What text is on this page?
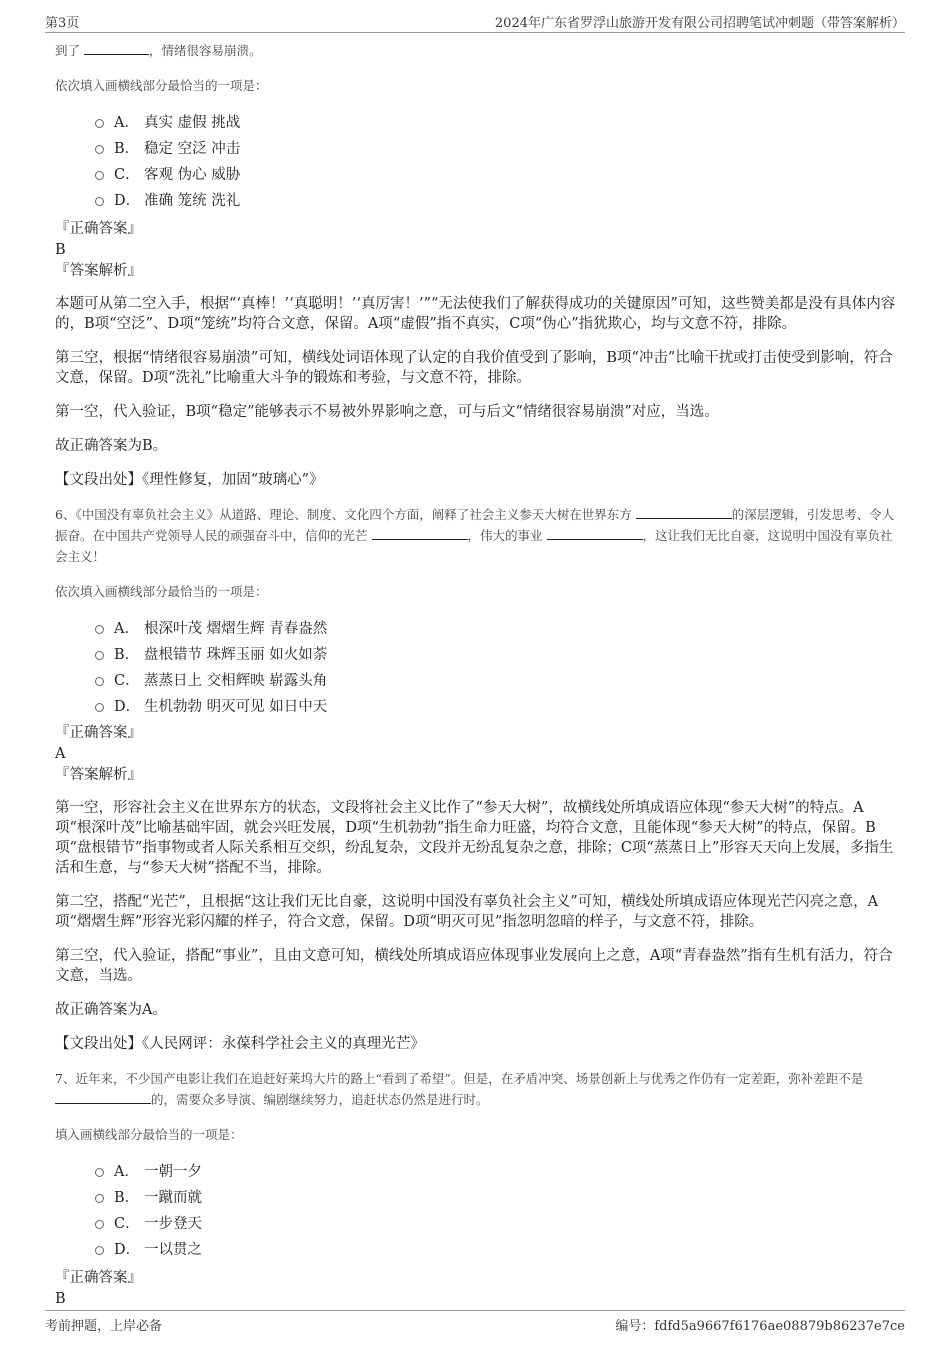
第3页	2024年广东省罗浮山旅游开发有限公司招聘笔试冲刺题（带答案解析）
到了	，情绪很容易崩溃。
依次填入画横线部分最恰当的一项是：
A． 真实 虚假 挑战
B． 稳定 空泛 冲击
C． 客观 伪心 威胁
D． 准确 笼统 洗礼
『正确答案』
B
『答案解析』
本题可从第二空入手，根据“‘真棒！’‘真聪明！’‘真厉害！’”“无法使我们了解获得成功的关键原因”可知，这些赞美都是没有具体内容的，B项“空泛”、D项“笼统”均符合文意，保留。A项“虚假”指不真实，C项“伪心”指犹欺心，均与文意不符，排除。
第三空，根据“情绪很容易崩溃”可知，横线处词语体现了认定的自我价值受到了影响，B项“冲击”比喻干扰或打击使受到影响，符合文意，保留。D项“洗礼”比喻重大斗争的锻炼和考验，与文意不符，排除。
第一空，代入验证，B项“稳定”能够表示不易被外界影响之意，可与后文“情绪很容易崩溃”对应，当选。
故正确答案为B。
【文段出处】《理性修复，加固“玻璃心”》
6、《中国没有辜负社会主义》从道路、理论、制度、文化四个方面，阐释了社会主义参天大树在世界东方	的深层逻辑，引发思考、令人振奋。在中国共产党领导人民的顽强奋斗中，信仰的光芒	，伟大的事业	，这让我们无比自豪，这说明中国没有辜负社会主义！
依次填入画横线部分最恰当的一项是：
A． 根深叶茂 熠熠生辉 青春盎然
B． 盘根错节 珠辉玉丽 如火如荼
C． 蒸蒸日上 交相辉映 崭露头角
D． 生机勃勃 明灭可见 如日中天
『正确答案』
A
『答案解析』
第一空，形容社会主义在世界东方的状态，文段将社会主义比作了“参天大树”，故横线处所填成语应体现“参天大树”的特点。A项“根深叶茂”比喻基础牢固，就会兴旺发展，D项“生机勃勃”指生命力旺盛，均符合文意，且能体现“参天大树”的特点，保留。B项“盘根错节”指事物或者人际关系相互交织，纷乱复杂，文段并无纷乱复杂之意，排除；C项“蒸蒸日上”形容天天向上发展，多指生活和生意，与“参天大树”搭配不当，排除。
第二空，搭配“光芒”，且根据“这让我们无比自豪，这说明中国没有辜负社会主义”可知，横线处所填成语应体现光芒闪亮之意，A项“熠熠生辉”形容光彩闪耀的样子，符合文意，保留。D项“明灭可见”指忽明忽暗的样子，与文意不符，排除。
第三空，代入验证，搭配“事业”，且由文意可知，横线处所填成语应体现事业发展向上之意，A项“青春盎然”指有生机有活力，符合文意，当选。
故正确答案为A。
【文段出处】《人民网评：永葆科学社会主义的真理光芒》
7、近年来，不少国产电影让我们在追赶好莱坞大片的路上“看到了希望”。但是，在矛盾冲突、场景创新上与优秀之作仍有一定差距，弥补差距不是 的，需要众多导演、编剧继续努力，追赶状态仍然是进行时。
填入画横线部分最恰当的一项是：
A． 一朝一夕
B． 一蹴而就
C． 一步登天
D． 一以贯之
『正确答案』
B
考前押题，上岸必备	编号：fdfd5a9667f6176ae08879b86237e7ce
